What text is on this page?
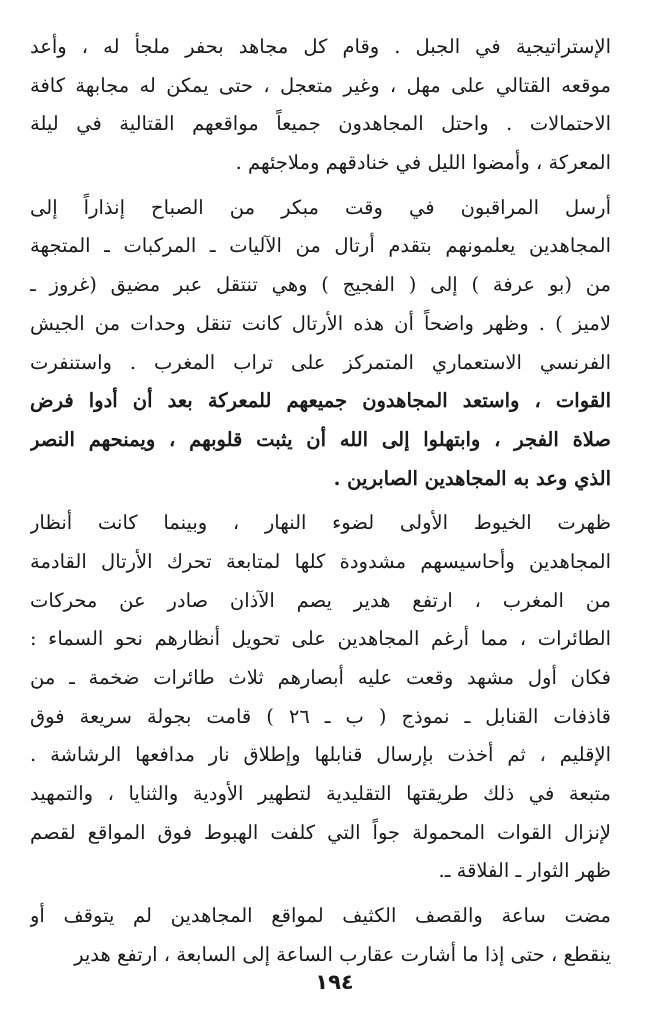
الإستراتيجية في الجبل . وقام كل مجاهد بحفر ملجأ له ، وأعد
موقعه القتالي على مهل ، وغير متعجل ، حتى يمكن له مجابهة كافة
الاحتمالات . واحتل المجاهدون جميعاً مواقعهم القتالية في ليلة
المعركة ، وأمضوا الليل في خنادقهم وملاجئهم .
أرسل المراقبون في وقت مبكر من الصباح إنذاراً إلى
المجاهدين يعلمونهم بتقدم أرتال من الآليات ـ المركبات ـ المتجهة
من (بو عرفة ) إلى ( الفجيج ) وهي تنتقل عبر مضيق (غروز ـ
لاميز ) . وظهر واضحاً أن هذه الأرتال كانت تنقل وحدات من الجيش
الفرنسي الاستعماري المتمركز على تراب المغرب . واستنفرت
القوات ، واستعد المجاهدون جميعهم للمعركة بعد أن أدوا فرض
صلاة الفجر ، وابتهلوا إلى الله أن يثبت قلوبهم ، ويمنحهم النصر
الذي وعد به المجاهدين الصابرين .
ظهرت الخيوط الأولى لضوء النهار ، وبينما كانت أنظار
المجاهدين وأحاسيسهم مشدودة كلها لمتابعة تحرك الأرتال القادمة
من المغرب ، ارتفع هدير يصم الآذان صادر عن محركات
الطائرات ، مما أرغم المجاهدين على تحويل أنظارهم نحو السماء :
فكان أول مشهد وقعت عليه أبصارهم ثلاث طائرات ضخمة ـ من
قاذفات القنابل ـ نموذج ( ب ـ ٢٦ ) قامت بجولة سريعة فوق
الإقليم ، ثم أخذت بإرسال قنابلها وإطلاق نار مدافعها الرشاشة .
متبعة في ذلك طريقتها التقليدية لتطهير الأودية والثنايا ، والتمهيد
لإنزال القوات المحمولة جواً التي كلفت الهبوط فوق المواقع لقصم
ظهر الثوار ـ الفلاقة ـ.
مضت ساعة والقصف الكثيف لمواقع المجاهدين لم يتوقف أو
ينقطع ، حتى إذا ما أشارت عقارب الساعة إلى السابعة ، ارتفع هدير
١٩٤
